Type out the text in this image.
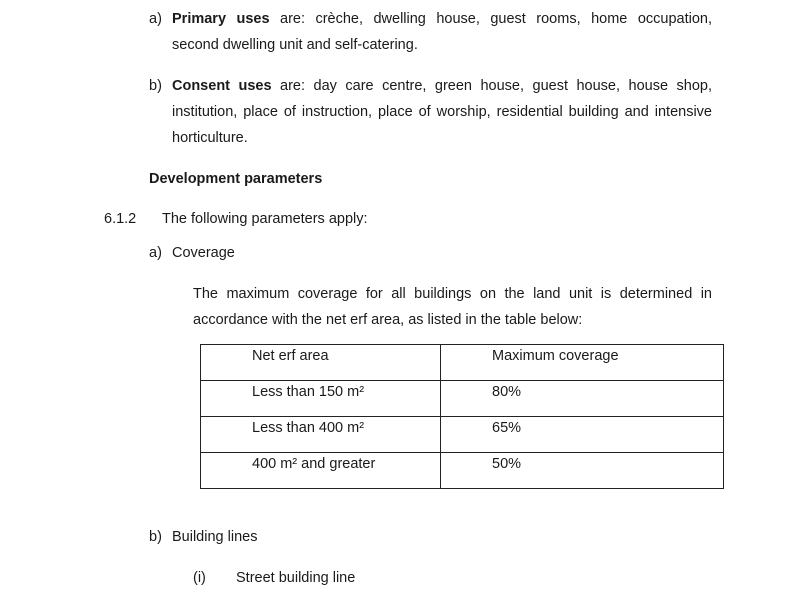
a) Primary uses are: crèche, dwelling house, guest rooms, home occupation,
second dwelling unit and self-catering.
b) Consent uses are: day care centre, green house, guest house, house shop,
institution, place of instruction, place of worship, residential building and intensive
horticulture.
Development parameters
6.1.2 The following parameters apply:
a) Coverage
The maximum coverage for all buildings on the land unit is determined in
accordance with the net erf area, as listed in the table below:
Net erf area	Maximum coverage

Less than 150 m²	80%

Less than 400 m²	65%

400 m² and greater	50%
b) Building lines
(i) Street building line
